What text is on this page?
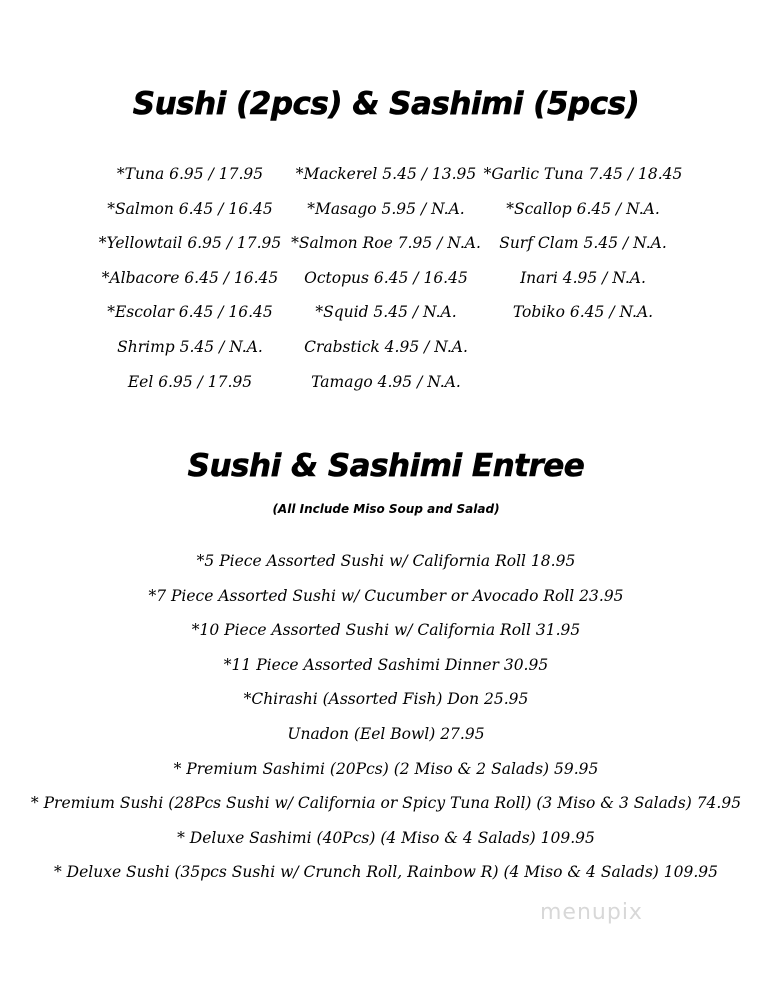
Sushi (2pcs) & Sashimi (5pcs)
*Tuna 6.95 / 17.95
*Salmon 6.45 / 16.45
*Yellowtail 6.95 / 17.95
*Albacore 6.45 / 16.45
*Escolar 6.45 / 16.45
Shrimp 5.45 / N.A.
Eel 6.95 / 17.95
*Mackerel 5.45 / 13.95
*Masago 5.95 / N.A.
*Salmon Roe 7.95 / N.A.
Octopus 6.45 / 16.45
*Squid 5.45 / N.A.
Crabstick 4.95 / N.A.
Tamago 4.95 / N.A.
*Garlic Tuna 7.45 / 18.45
*Scallop 6.45 / N.A.
Surf Clam 5.45 / N.A.
Inari 4.95 / N.A.
Tobiko 6.45 / N.A.
Sushi & Sashimi Entree
(All Include Miso Soup and Salad)
*5 Piece Assorted Sushi w/ California Roll 18.95
*7 Piece Assorted Sushi w/ Cucumber or Avocado Roll 23.95
*10 Piece Assorted Sushi w/ California Roll 31.95
*11 Piece Assorted Sashimi Dinner 30.95
*Chirashi (Assorted Fish) Don 25.95
Unadon (Eel Bowl) 27.95
* Premium Sashimi (20Pcs) (2 Miso & 2 Salads) 59.95
* Premium Sushi (28Pcs Sushi w/ California or Spicy Tuna Roll) (3 Miso & 3 Salads) 74.95
* Deluxe Sashimi (40Pcs) (4 Miso & 4 Salads) 109.95
* Deluxe Sushi (35pcs Sushi w/ Crunch Roll, Rainbow R) (4 Miso & 4 Salads) 109.95
menupix
